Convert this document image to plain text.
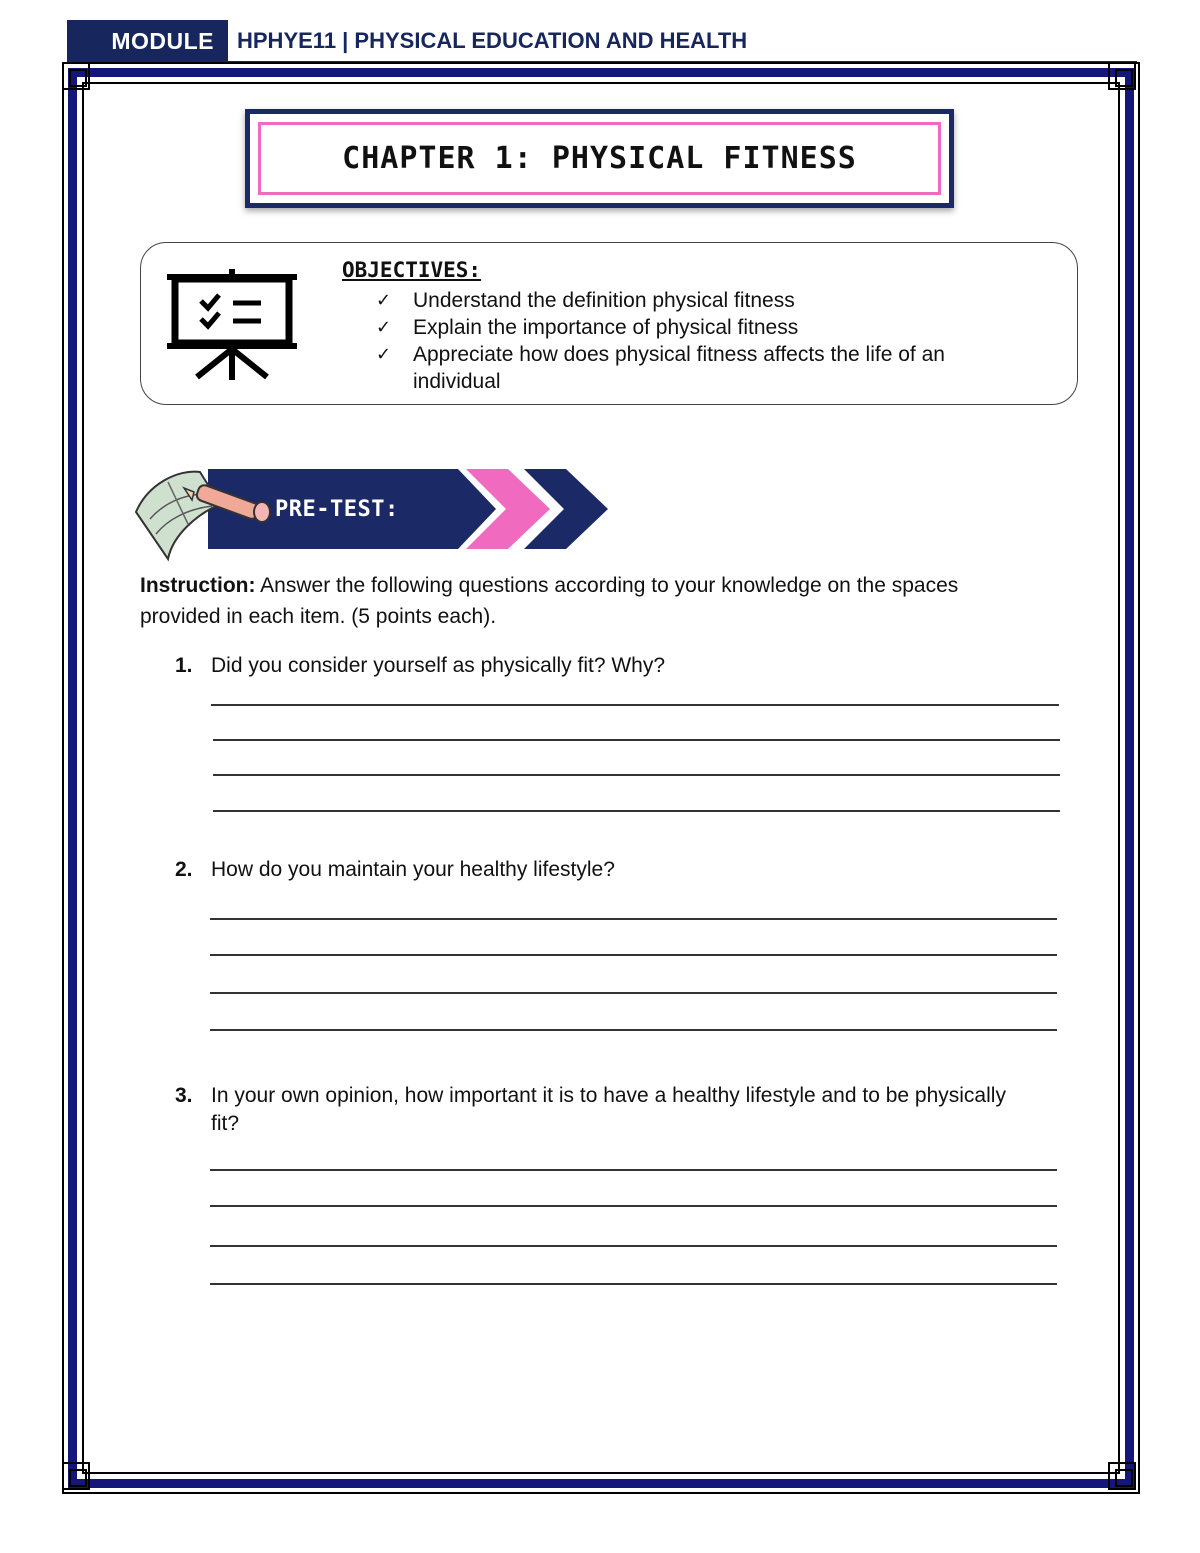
MODULE	HPHYE11 | PHYSICAL EDUCATION AND HEALTH
CHAPTER 1: PHYSICAL FITNESS
OBJECTIVES:
✓	Understand the definition physical fitness
✓	Explain the importance of physical fitness
✓	Appreciate how does physical fitness affects the life of an individual
PRE-TEST:
Instruction: Answer the following questions according to your knowledge on the spaces provided in each item. (5 points each).
1. Did you consider yourself as physically fit? Why?
2. How do you maintain your healthy lifestyle?
3. In your own opinion, how important it is to have a healthy lifestyle and to be physically fit?
